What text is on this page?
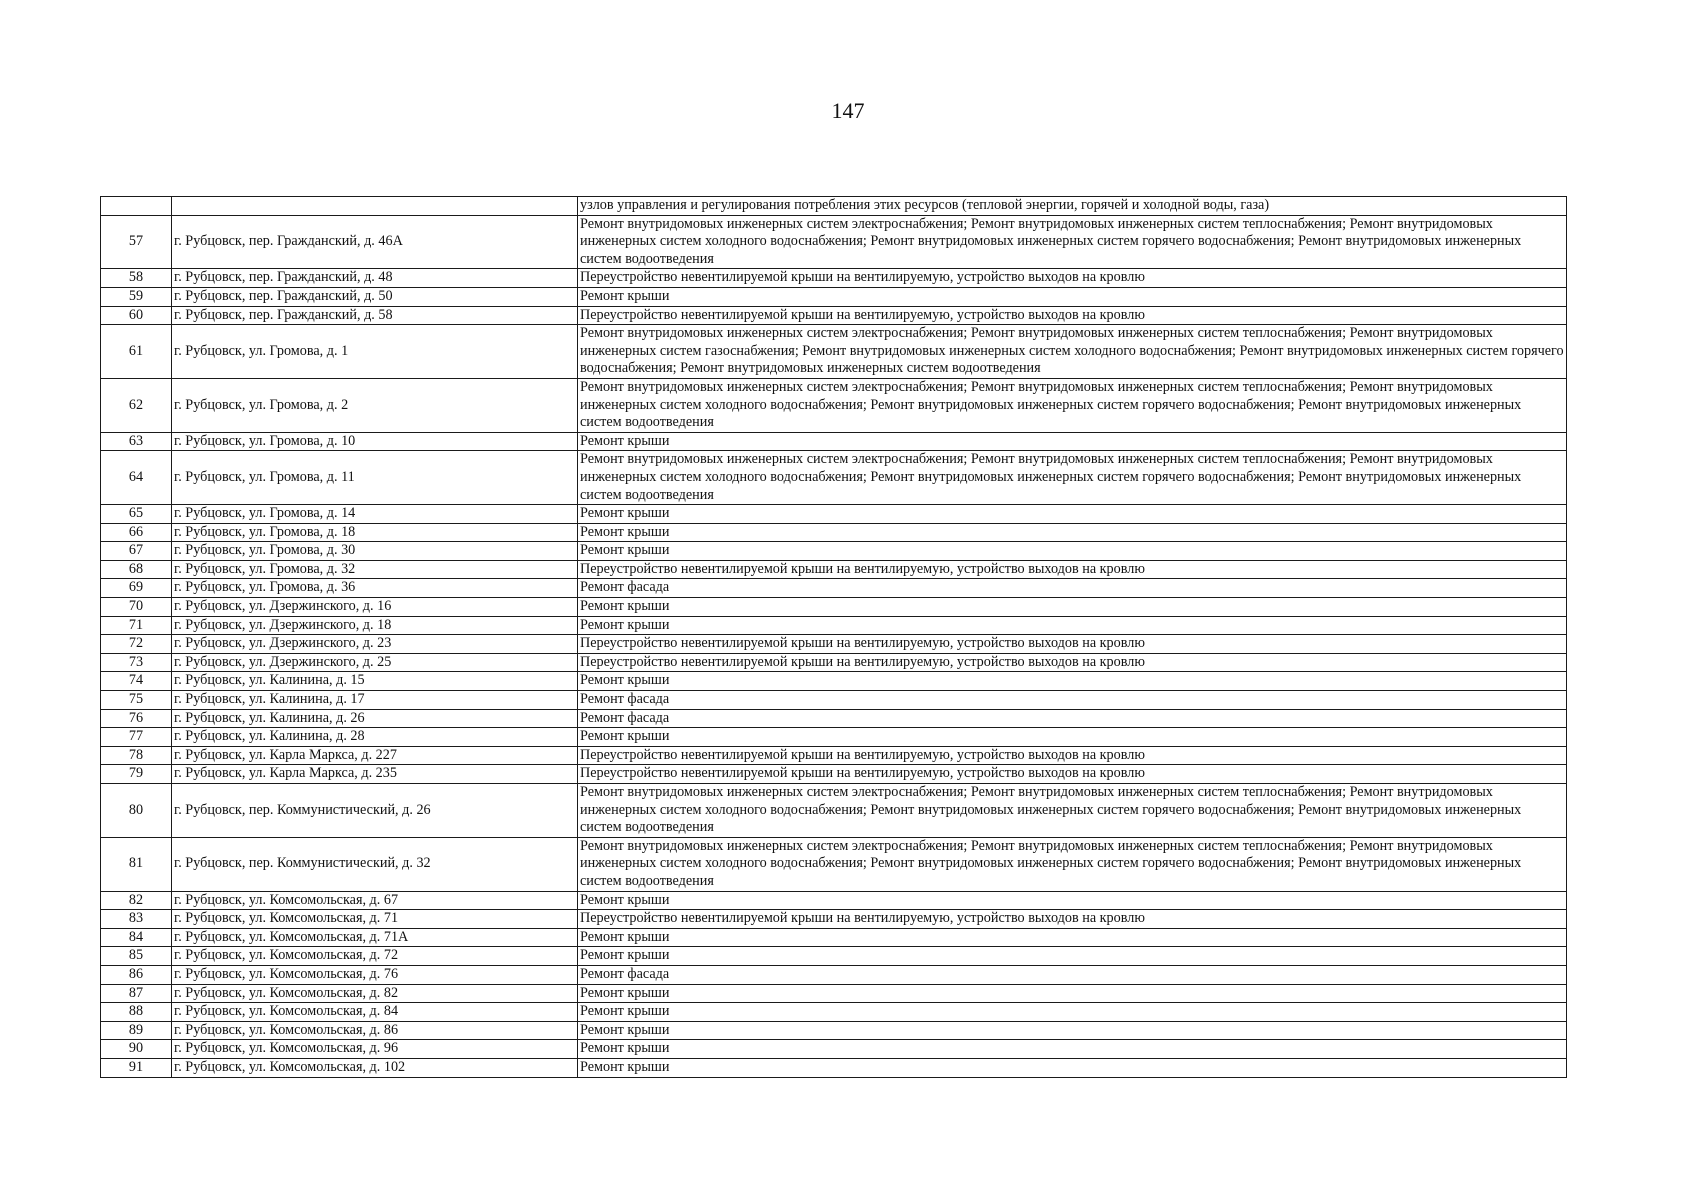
147
		узлов управления и регулирования потребления этих ресурсов (тепловой энергии, горячей и холодной воды, газа)
57	г. Рубцовск, пер. Гражданский, д. 46А	Ремонт внутридомовых инженерных систем электроснабжения; Ремонт внутридомовых инженерных систем теплоснабжения; Ремонт внутридомовых инженерных систем холодного водоснабжения; Ремонт внутридомовых инженерных систем горячего водоснабжения; Ремонт внутридомовых инженерных систем водоотведения
58	г. Рубцовск, пер. Гражданский, д. 48	Переустройство невентилируемой крыши на вентилируемую, устройство выходов на кровлю
59	г. Рубцовск, пер. Гражданский, д. 50	Ремонт крыши
60	г. Рубцовск, пер. Гражданский, д. 58	Переустройство невентилируемой крыши на вентилируемую, устройство выходов на кровлю
61	г. Рубцовск, ул. Громова, д. 1	Ремонт внутридомовых инженерных систем электроснабжения; Ремонт внутридомовых инженерных систем теплоснабжения; Ремонт внутридомовых инженерных систем газоснабжения; Ремонт внутридомовых инженерных систем холодного водоснабжения; Ремонт внутридомовых инженерных систем горячего водоснабжения; Ремонт внутридомовых инженерных систем водоотведения
62	г. Рубцовск, ул. Громова, д. 2	Ремонт внутридомовых инженерных систем электроснабжения; Ремонт внутридомовых инженерных систем теплоснабжения; Ремонт внутридомовых инженерных систем холодного водоснабжения; Ремонт внутридомовых инженерных систем горячего водоснабжения; Ремонт внутридомовых инженерных систем водоотведения
63	г. Рубцовск, ул. Громова, д. 10	Ремонт крыши
64	г. Рубцовск, ул. Громова, д. 11	Ремонт внутридомовых инженерных систем электроснабжения; Ремонт внутридомовых инженерных систем теплоснабжения; Ремонт внутридомовых инженерных систем холодного водоснабжения; Ремонт внутридомовых инженерных систем горячего водоснабжения; Ремонт внутридомовых инженерных систем водоотведения
65	г. Рубцовск, ул. Громова, д. 14	Ремонт крыши
66	г. Рубцовск, ул. Громова, д. 18	Ремонт крыши
67	г. Рубцовск, ул. Громова, д. 30	Ремонт крыши
68	г. Рубцовск, ул. Громова, д. 32	Переустройство невентилируемой крыши на вентилируемую, устройство выходов на кровлю
69	г. Рубцовск, ул. Громова, д. 36	Ремонт фасада
70	г. Рубцовск, ул. Дзержинского, д. 16	Ремонт крыши
71	г. Рубцовск, ул. Дзержинского, д. 18	Ремонт крыши
72	г. Рубцовск, ул. Дзержинского, д. 23	Переустройство невентилируемой крыши на вентилируемую, устройство выходов на кровлю
73	г. Рубцовск, ул. Дзержинского, д. 25	Переустройство невентилируемой крыши на вентилируемую, устройство выходов на кровлю
74	г. Рубцовск, ул. Калинина, д. 15	Ремонт крыши
75	г. Рубцовск, ул. Калинина, д. 17	Ремонт фасада
76	г. Рубцовск, ул. Калинина, д. 26	Ремонт фасада
77	г. Рубцовск, ул. Калинина, д. 28	Ремонт крыши
78	г. Рубцовск, ул. Карла Маркса, д. 227	Переустройство невентилируемой крыши на вентилируемую, устройство выходов на кровлю
79	г. Рубцовск, ул. Карла Маркса, д. 235	Переустройство невентилируемой крыши на вентилируемую, устройство выходов на кровлю
80	г. Рубцовск, пер. Коммунистический, д. 26	Ремонт внутридомовых инженерных систем электроснабжения; Ремонт внутридомовых инженерных систем теплоснабжения; Ремонт внутридомовых инженерных систем холодного водоснабжения; Ремонт внутридомовых инженерных систем горячего водоснабжения; Ремонт внутридомовых инженерных систем водоотведения
81	г. Рубцовск, пер. Коммунистический, д. 32	Ремонт внутридомовых инженерных систем электроснабжения; Ремонт внутридомовых инженерных систем теплоснабжения; Ремонт внутридомовых инженерных систем холодного водоснабжения; Ремонт внутридомовых инженерных систем горячего водоснабжения; Ремонт внутридомовых инженерных систем водоотведения
82	г. Рубцовск, ул. Комсомольская, д. 67	Ремонт крыши
83	г. Рубцовск, ул. Комсомольская, д. 71	Переустройство невентилируемой крыши на вентилируемую, устройство выходов на кровлю
84	г. Рубцовск, ул. Комсомольская, д. 71А	Ремонт крыши
85	г. Рубцовск, ул. Комсомольская, д. 72	Ремонт крыши
86	г. Рубцовск, ул. Комсомольская, д. 76	Ремонт фасада
87	г. Рубцовск, ул. Комсомольская, д. 82	Ремонт крыши
88	г. Рубцовск, ул. Комсомольская, д. 84	Ремонт крыши
89	г. Рубцовск, ул. Комсомольская, д. 86	Ремонт крыши
90	г. Рубцовск, ул. Комсомольская, д. 96	Ремонт крыши
91	г. Рубцовск, ул. Комсомольская, д. 102	Ремонт крыши
